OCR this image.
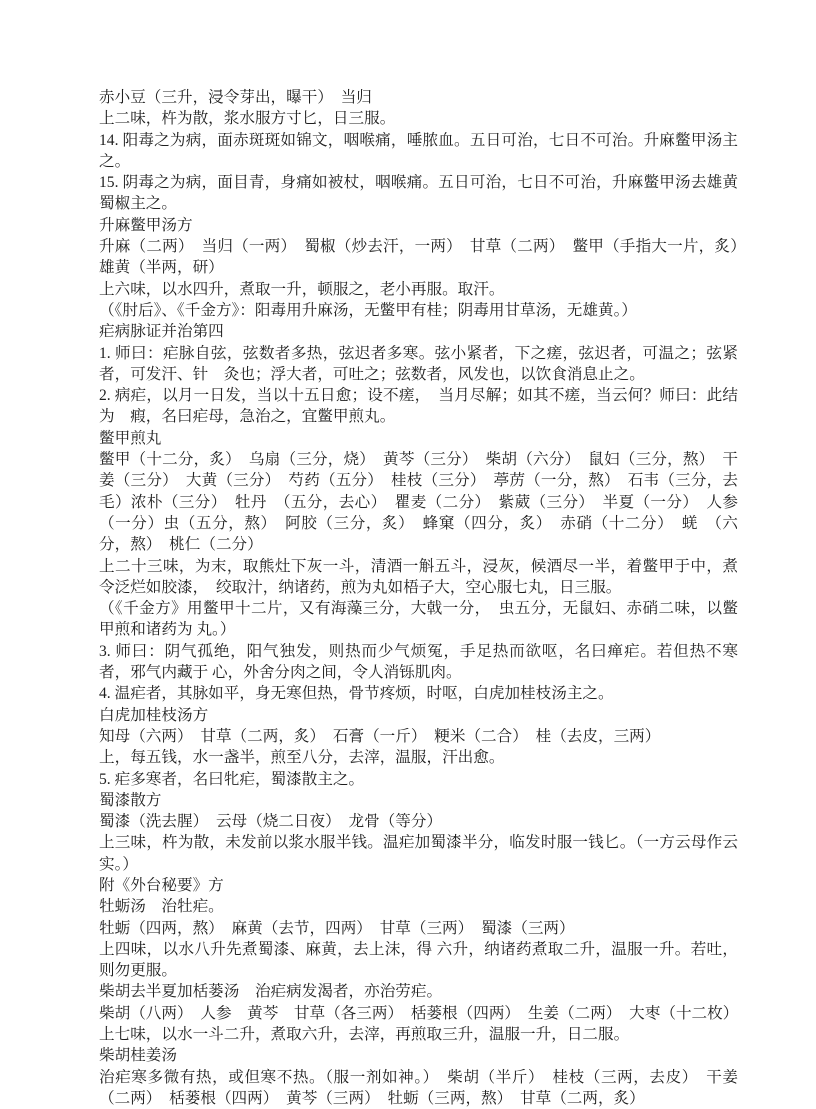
赤小豆（三升，浸令芽出，曝干）　当归

上二味，杵为散，浆水服方寸匕，日三服。

14. 阳毒之为病，面赤斑斑如锦文，咽喉痛，唾脓血。五日可治，七日不可治。升麻鳖甲汤主之。

15. 阴毒之为病，面目青，身痛如被杖，咽喉痛。五日可治，七日不可治，升麻鳖甲汤去雄黄蜀椒主之。

升麻鳖甲汤方

升麻（二两）　当归（一两）　蜀椒（炒去汗，一两）　甘草（二两）　鳖甲（手指大一片，炙）　雄黄（半两，研）

上六味，以水四升，煮取一升，顿服之，老小再服。取汗。

（《肘后》、《千金方》：阳毒用升麻汤，无鳖甲有桂；阴毒用甘草汤，无雄黄。）

疟病脉证并治第四

1. 师曰：疟脉自弦，弦数者多热，弦迟者多寒。弦小紧者，下之瘥，弦迟者，可温之；弦紧者，可发汗、针　灸也；浮大者，可吐之；弦数者，风发也，以饮食消息止之。

2. 病疟，以月一日发，当以十五日愈；设不瘥，　当月尽解；如其不瘥，当云何？师曰：此结为　瘕，名曰疟母，急治之，宜鳖甲煎丸。

鳖甲煎丸

鳖甲（十二分，炙）　乌扇（三分，烧）　黄芩（三分）　柴胡（六分）　鼠妇（三分，熬）　干姜（三分）　大黄（三分）　芍药（五分）　桂枝（三分）　葶苈（一分，熬）　石韦（三分，去毛）浓朴（三分）　牡丹　（五分，去心）　瞿麦（二分）　紫葳（三分）　半夏（一分）　人参（一分）虫（五分，熬）　阿胶（三分，炙）　蜂窠（四分，炙）　赤硝（十二分）　蜣　（六分，熬）　桃仁（二分）

上二十三味，为末，取熊灶下灰一斗，清酒一斛五斗，浸灰，候酒尽一半，着鳖甲于中，煮令泛烂如胶漆，　绞取汁，纳诸药，煎为丸如梧子大，空心服七丸，日三服。

（《千金方》用鳖甲十二片，又有海藻三分，大戟一分，　虫五分，无鼠妇、赤硝二味，以鳖甲煎和诸药为 丸。）

3. 师曰：阴气孤绝，阳气独发，则热而少气烦冤，手足热而欲呕，名曰瘅疟。若但热不寒者，邪气内藏于 心，外舍分肉之间，令人消铄肌肉。

4. 温疟者，其脉如平，身无寒但热，骨节疼烦，时呕，白虎加桂枝汤主之。

白虎加桂枝汤方

知母（六两）　甘草（二两，炙）　石膏（一斤）　粳米（二合）　桂（去皮，三两）

上，每五钱，水一盏半，煎至八分，去滓，温服，汗出愈。

5. 疟多寒者，名曰牝疟，蜀漆散主之。

蜀漆散方

蜀漆（洗去腥）　云母（烧二日夜）　龙骨（等分）

上三味，杵为散，未发前以浆水服半钱。温疟加蜀漆半分，临发时服一钱匕。（一方云母作云实。）

附《外台秘要》方

牡蛎汤　治牡疟。

牡蛎（四两，熬）　麻黄（去节，四两）　甘草（三两）　蜀漆（三两）

上四味，以水八升先煮蜀漆、麻黄，去上沫，得 六升，纳诸药煮取二升，温服一升。若吐，则勿更服。

柴胡去半夏加栝蒌汤　治疟病发渴者，亦治劳疟。

柴胡（八两）　人参　黄芩　甘草（各三两）　栝蒌根（四两）　生姜（二两）　大枣（十二枚）

上七味，以水一斗二升，煮取六升，去滓，再煎取三升，温服一升，日二服。

柴胡桂姜汤

治疟寒多微有热，或但寒不热。（服一剂如神。）　柴胡（半斤）　桂枝（三两，去皮）　干姜（二两）　栝蒌根（四两）　黄芩（三两）　牡蛎（三两，熬）　甘草（二两，炙）
